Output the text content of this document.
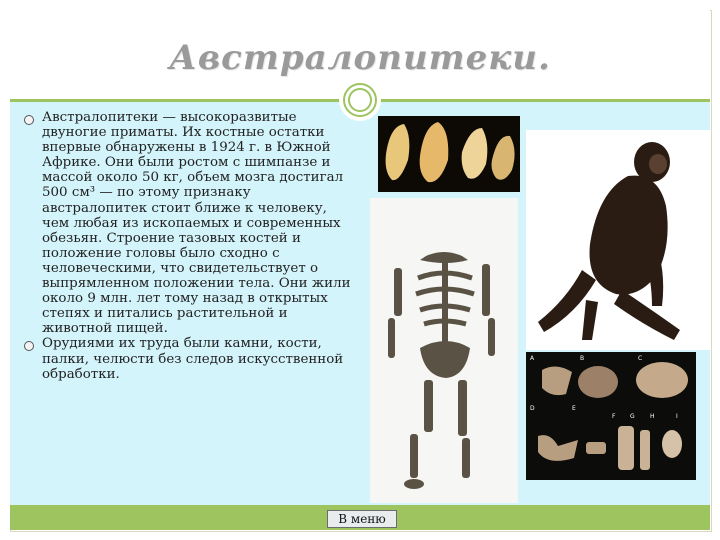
Австралопитеки.

Австралопитеки — высокоразвитые двуногие приматы. Их костные остатки впервые обнаружены в 1924 г. в Южной Африке. Они были ростом с шимпанзе и массой около 50 кг, объем мозга достигал 500 см³ — по этому признаку австралопитек стоит ближе к человеку, чем любая из ископаемых и современных обезьян. Строение тазовых костей и положение головы было сходно с человеческими, что свидетельствует о выпрямленном положении тела. Они жили около 9 млн. лет тому назад в открытых степях и питались растительной и животной пищей.

Орудиями их труда были камни, кости, палки, челюсти без следов искусственной обработки.

A	B	C
D	E
F G	H	I
В меню
